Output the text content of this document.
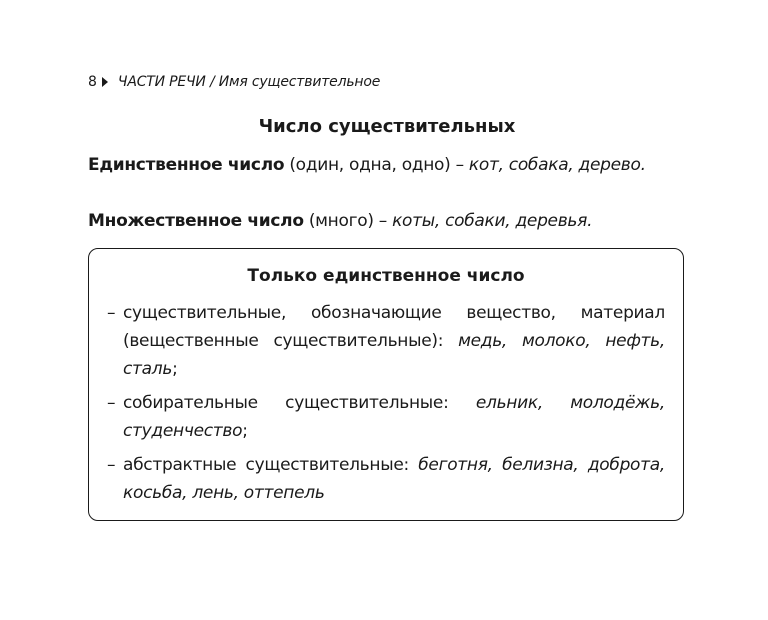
8 ЧАСТИ РЕЧИ / Имя существительное
Число существительных
Единственное число (один, одна, одно) – кот, собака, дерево.
Множественное число (много) – коты, собаки, деревья.
Только единственное число
– существительные, обозначающие вещество, материал (вещественные существительные): медь, молоко, нефть, сталь;
– собирательные существительные: ельник, молодёжь, студенчество;
– абстрактные существительные: беготня, белизна, доброта, косьба, лень, оттепель
